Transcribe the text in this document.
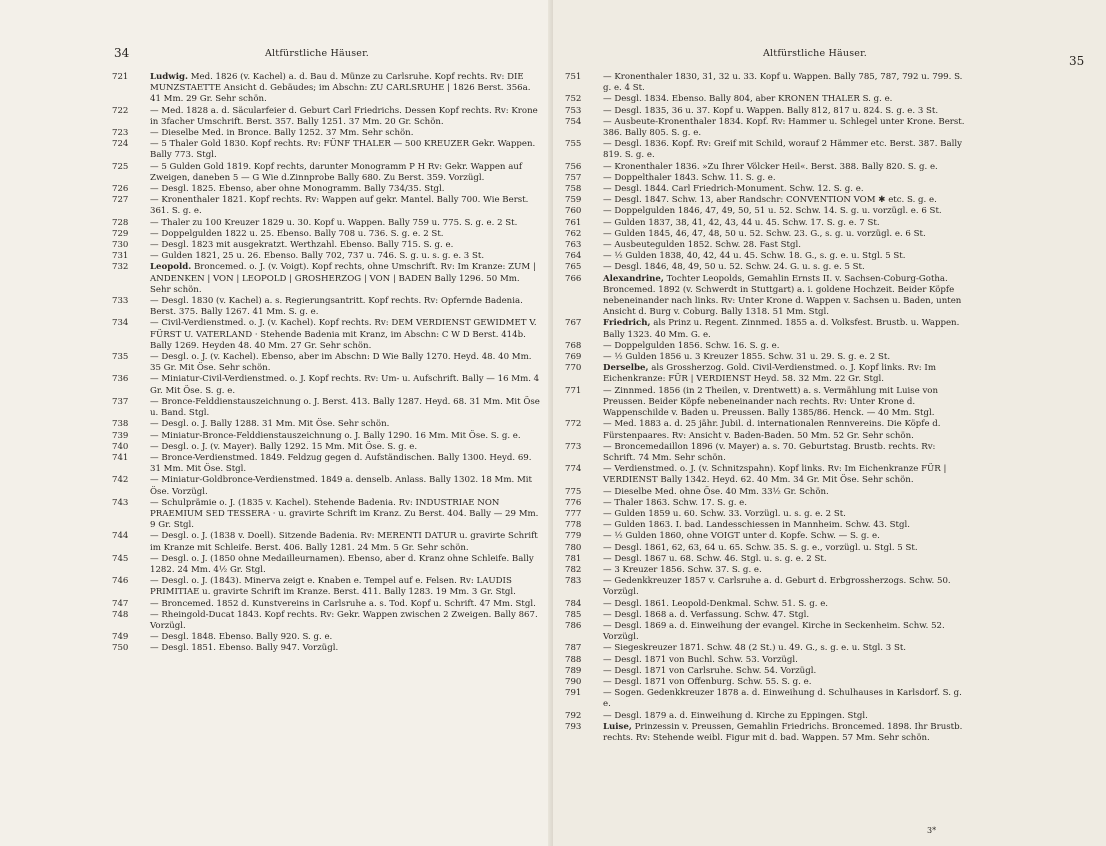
34	Altfürstliche Häuser.

721	Ludwig. Med. 1826 (v. Kachel) a. d. Bau d. Münze zu Carlsruhe. Kopf rechts. Rv: DIE MUNZSTAETTE Ansicht d. Gebäudes; im Abschn: ZU CARLSRUHE | 1826 Berst. 356a. 41 Mm. 29 Gr. Sehr schön.

722	— Med. 1828 a. d. Säcularfeier d. Geburt Carl Friedrichs. Dessen Kopf rechts. Rv: Krone in 3facher Umschrift. Berst. 357. Bally 1251. 37 Mm. 20 Gr. Schön.

723	— Dieselbe Med. in Bronce. Bally 1252. 37 Mm. Sehr schön.

724	— 5 Thaler Gold 1830. Kopf rechts. Rv: FÜNF THALER — 500 KREUZER Gekr. Wappen. Bally 773. Stgl.

725	— 5 Gulden Gold 1819. Kopf rechts, darunter Monogramm P H Rv: Gekr. Wappen auf Zweigen, daneben 5 — G Wie d.Zinnprobe Bally 680. Zu Berst. 359. Vorzügl.

726	— Desgl. 1825. Ebenso, aber ohne Monogramm. Bally 734/35. Stgl.

727	— Kronenthaler 1821. Kopf rechts. Rv: Wappen auf gekr. Mantel. Bally 700. Wie Berst. 361. S. g. e.

728	— Thaler zu 100 Kreuzer 1829 u. 30. Kopf u. Wappen. Bally 759 u. 775. S. g. e. 2 St.

729	— Doppelgulden 1822 u. 25. Ebenso. Bally 708 u. 736. S. g. e. 2 St.

730	— Desgl. 1823 mit ausgekratzt. Werthzahl. Ebenso. Bally 715. S. g. e.

731	— Gulden 1821, 25 u. 26. Ebenso. Bally 702, 737 u. 746. S. g. u. s. g. e. 3 St.

732	Leopold. Broncemed. o. J. (v. Voigt). Kopf rechts, ohne Umschrift. Rv: Im Kranze: ZUM | ANDENKEN | VON | LEOPOLD | GROSHERZOG | VON | BADEN Bally 1296. 50 Mm. Sehr schön.

733	— Desgl. 1830 (v. Kachel) a. s. Regierungsantritt. Kopf rechts. Rv: Opfernde Badenia. Berst. 375. Bally 1267. 41 Mm. S. g. e.

734	— Civil-Verdienstmed. o. J. (v. Kachel). Kopf rechts. Rv: DEM VERDIENST GEWIDMET V. FÜRST U. VATERLAND · Stehende Badenia mit Kranz, im Abschn: C W D Berst. 414b. Bally 1269. Heyden 48. 40 Mm. 27 Gr. Sehr schön.

735	— Desgl. o. J. (v. Kachel). Ebenso, aber im Abschn: D Wie Bally 1270. Heyd. 48. 40 Mm. 35 Gr. Mit Öse. Sehr schön.

736	— Miniatur-Civil-Verdienstmed. o. J. Kopf rechts. Rv: Um- u. Aufschrift. Bally — 16 Mm. 4 Gr. Mit Öse. S. g. e.

737	— Bronce-Felddienstauszeichnung o. J. Berst. 413. Bally 1287. Heyd. 68. 31 Mm. Mit Öse u. Band. Stgl.

738	— Desgl. o. J. Bally 1288. 31 Mm. Mit Öse. Sehr schön.

739	— Miniatur-Bronce-Felddienstauszeichnung o. J. Bally 1290. 16 Mm. Mit Öse. S. g. e.

740	— Desgl. o. J. (v. Mayer). Bally 1292. 15 Mm. Mit Öse. S. g. e.

741	— Bronce-Verdienstmed. 1849. Feldzug gegen d. Aufständischen. Bally 1300. Heyd. 69. 31 Mm. Mit Öse. Stgl.

742	— Miniatur-Goldbronce-Verdienstmed. 1849 a. denselb. Anlass. Bally 1302. 18 Mm. Mit Öse. Vorzügl.

743	— Schulprämie o. J. (1835 v. Kachel). Stehende Badenia. Rv: INDUSTRIAE NON PRAEMIUM SED TESSERA · u. gravirte Schrift im Kranz. Zu Berst. 404. Bally — 29 Mm. 9 Gr. Stgl.

744	— Desgl. o. J. (1838 v. Doell). Sitzende Badenia. Rv: MERENTI DATUR u. gravirte Schrift im Kranze mit Schleife. Berst. 406. Bally 1281. 24 Mm. 5 Gr. Sehr schön.

745	— Desgl. o. J. (1850 ohne Medailleurnamen). Ebenso, aber d. Kranz ohne Schleife. Bally 1282. 24 Mm. 4½ Gr. Stgl.

746	— Desgl. o. J. (1843). Minerva zeigt e. Knaben e. Tempel auf e. Felsen. Rv: LAUDIS PRIMITIAE u. gravirte Schrift im Kranze. Berst. 411. Bally 1283. 19 Mm. 3 Gr. Stgl.

747	— Broncemed. 1852 d. Kunstvereins in Carlsruhe a. s. Tod. Kopf u. Schrift. 47 Mm. Stgl.

748	— Rheingold-Ducat 1843. Kopf rechts. Rv: Gekr. Wappen zwischen 2 Zweigen. Bally 867. Vorzügl.

749	— Desgl. 1848. Ebenso. Bally 920. S. g. e.

750	— Desgl. 1851. Ebenso. Bally 947. Vorzügl.

Altfürstliche Häuser.
35

751	— Kronenthaler 1830, 31, 32 u. 33. Kopf u. Wappen. Bally 785, 787, 792 u. 799. S. g. e. 4 St.

752	— Desgl. 1834. Ebenso. Bally 804, aber KRONEN THALER S. g. e.

753	— Desgl. 1835, 36 u. 37. Kopf u. Wappen. Bally 812, 817 u. 824. S. g. e. 3 St.

754	— Ausbeute-Kronenthaler 1834. Kopf. Rv: Hammer u. Schlegel unter Krone. Berst. 386. Bally 805. S. g. e.

755	— Desgl. 1836. Kopf. Rv: Greif mit Schild, worauf 2 Hämmer etc. Berst. 387. Bally 819. S. g. e.

756	— Kronenthaler 1836. »Zu Ihrer Völcker Heil«. Berst. 388. Bally 820. S. g. e.

757	— Doppelthaler 1843. Schw. 11. S. g. e.

758	— Desgl. 1844. Carl Friedrich-Monument. Schw. 12. S. g. e.

759	— Desgl. 1847. Schw. 13, aber Randschr: CONVENTION VOM ✱ etc. S. g. e.

760	— Doppelgulden 1846, 47, 49, 50, 51 u. 52. Schw. 14. S. g. u. vorzügl. e. 6 St.

761	— Gulden 1837, 38, 41, 42, 43, 44 u. 45. Schw. 17. S. g. e. 7 St.

762	— Gulden 1845, 46, 47, 48, 50 u. 52. Schw. 23. G., s. g. u. vorzügl. e. 6 St.

763	— Ausbeutegulden 1852. Schw. 28. Fast Stgl.

764	— ½ Gulden 1838, 40, 42, 44 u. 45. Schw. 18. G., s. g. e. u. Stgl. 5 St.

765	— Desgl. 1846, 48, 49, 50 u. 52. Schw. 24. G. u. s. g. e. 5 St.

766	Alexandrine, Tochter Leopolds, Gemahlin Ernsts II. v. Sachsen-Coburg-Gotha. Broncemed. 1892 (v. Schwerdt in Stuttgart) a. i. goldene Hochzeit. Beider Köpfe nebeneinander nach links. Rv: Unter Krone d. Wappen v. Sachsen u. Baden, unten Ansicht d. Burg v. Coburg. Bally 1318. 51 Mm. Stgl.

767	Friedrich, als Prinz u. Regent. Zinnmed. 1855 a. d. Volksfest. Brustb. u. Wappen. Bally 1323. 40 Mm. G. e.

768	— Doppelgulden 1856. Schw. 16. S. g. e.

769	— ½ Gulden 1856 u. 3 Kreuzer 1855. Schw. 31 u. 29. S. g. e. 2 St.

770	Derselbe, als Grossherzog. Gold. Civil-Verdienstmed. o. J. Kopf links. Rv: Im Eichenkranze: FÜR | VERDIENST Heyd. 58. 32 Mm. 22 Gr. Stgl.

771	— Zinnmed. 1856 (in 2 Theilen, v. Drentwett) a. s. Vermählung mit Luise von Preussen. Beider Köpfe nebeneinander nach rechts. Rv: Unter Krone d. Wappenschilde v. Baden u. Preussen. Bally 1385/86. Henck. — 40 Mm. Stgl.

772	— Med. 1883 a. d. 25 jähr. Jubil. d. internationalen Rennvereins. Die Köpfe d. Fürstenpaares. Rv: Ansicht v. Baden-Baden. 50 Mm. 52 Gr. Sehr schön.

773	— Broncemedaillon 1896 (v. Mayer) a. s. 70. Geburtstag. Brustb. rechts. Rv: Schrift. 74 Mm. Sehr schön.

774	— Verdienstmed. o. J. (v. Schnitzspahn). Kopf links. Rv: Im Eichenkranze FÜR | VERDIENST Bally 1342. Heyd. 62. 40 Mm. 34 Gr. Mit Öse. Sehr schön.

775	— Dieselbe Med. ohne Öse. 40 Mm. 33½ Gr. Schön.

776	— Thaler 1863. Schw. 17. S. g. e.

777	— Gulden 1859 u. 60. Schw. 33. Vorzügl. u. s. g. e. 2 St.

778	— Gulden 1863. I. bad. Landesschiessen in Mannheim. Schw. 43. Stgl.

779	— ½ Gulden 1860, ohne VOIGT unter d. Kopfe. Schw. — S. g. e.

780	— Desgl. 1861, 62, 63, 64 u. 65. Schw. 35. S. g. e., vorzügl. u. Stgl. 5 St.

781	— Desgl. 1867 u. 68. Schw. 46. Stgl. u. s. g. e. 2 St.

782	— 3 Kreuzer 1856. Schw. 37. S. g. e.

783	— Gedenkkreuzer 1857 v. Carlsruhe a. d. Geburt d. Erbgrossherzogs. Schw. 50. Vorzügl.

784	— Desgl. 1861. Leopold-Denkmal. Schw. 51. S. g. e.

785	— Desgl. 1868 a. d. Verfassung. Schw. 47. Stgl.

786	— Desgl. 1869 a. d. Einweihung der evangel. Kirche in Seckenheim. Schw. 52. Vorzügl.

787	— Siegeskreuzer 1871. Schw. 48 (2 St.) u. 49. G., s. g. e. u. Stgl. 3 St.

788	— Desgl. 1871 von Buchl. Schw. 53. Vorzügl.

789	— Desgl. 1871 von Carlsruhe. Schw. 54. Vorzügl.

790	— Desgl. 1871 von Offenburg. Schw. 55. S. g. e.

791	— Sogen. Gedenkkreuzer 1878 a. d. Einweihung d. Schulhauses in Karlsdorf. S. g. e.

792	— Desgl. 1879 a. d. Einweihung d. Kirche zu Eppingen. Stgl.

793	Luise, Prinzessin v. Preussen, Gemahlin Friedrichs. Broncemed. 1898. Ihr Brustb. rechts. Rv: Stehende weibl. Figur mit d. bad. Wappen. 57 Mm. Sehr schön.

3*
